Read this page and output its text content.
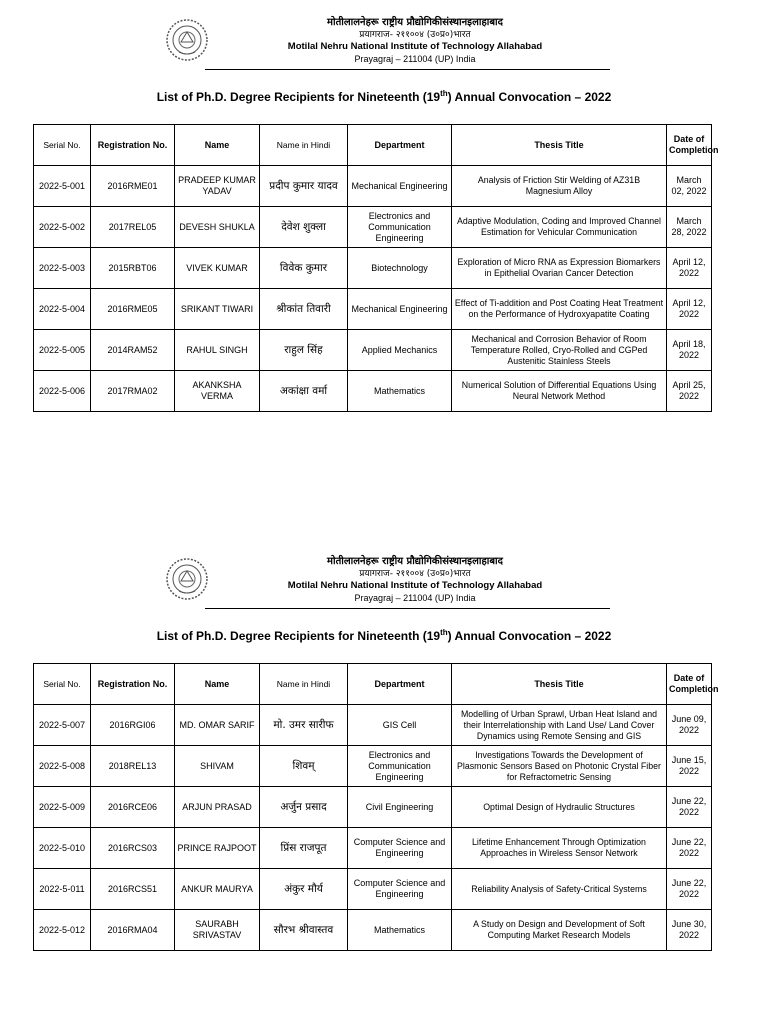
मोतीलालनेहरू राष्ट्रीय प्रौद्योगिकीसंस्थानइलाहाबाद
प्रयागराज- २११००४ (उ०प्र०)भारत
Motilal Nehru National Institute of Technology Allahabad
Prayagraj – 211004 (UP) India
List of Ph.D. Degree Recipients for Nineteenth (19th) Annual Convocation – 2022
Serial No.	Registration No.	Name	Name in Hindi	Department	Thesis Title	Date of Completion
2022-5-001	2016RME01	PRADEEP KUMAR YADAV	प्रदीप कुमार यादव	Mechanical Engineering	Analysis of Friction Stir Welding of AZ31B Magnesium Alloy	March 02, 2022
2022-5-002	2017REL05	DEVESH SHUKLA	देवेश शुक्ला	Electronics and Communication Engineering	Adaptive Modulation, Coding and Improved Channel Estimation for Vehicular Communication	March 28, 2022
2022-5-003	2015RBT06	VIVEK KUMAR	विवेक कुमार	Biotechnology	Exploration of Micro RNA as Expression Biomarkers in Epithelial Ovarian Cancer Detection	April 12, 2022
2022-5-004	2016RME05	SRIKANT TIWARI	श्रीकांत तिवारी	Mechanical Engineering	Effect of Ti-addition and Post Coating Heat Treatment on the Performance of Hydroxyapatite Coating	April 12, 2022
2022-5-005	2014RAM52	RAHUL SINGH	राहुल सिंह	Applied Mechanics	Mechanical and Corrosion Behavior of Room Temperature Rolled, Cryo-Rolled and CGPed Austenitic Stainless Steels	April 18, 2022
2022-5-006	2017RMA02	AKANKSHA VERMA	अकांक्षा वर्मा	Mathematics	Numerical Solution of Differential Equations Using Neural Network Method	April 25, 2022
मोतीलालनेहरू राष्ट्रीय प्रौद्योगिकीसंस्थानइलाहाबाद
प्रयागराज- २११००४ (उ०प्र०)भारत
Motilal Nehru National Institute of Technology Allahabad
Prayagraj – 211004 (UP) India
List of Ph.D. Degree Recipients for Nineteenth (19th) Annual Convocation – 2022
Serial No.	Registration No.	Name	Name in Hindi	Department	Thesis Title	Date of Completion
2022-5-007	2016RGI06	MD. OMAR SARIF	मो. उमर सारीफ	GIS Cell	Modelling of Urban Sprawl, Urban Heat Island and their Interrelationship with Land Use/ Land Cover Dynamics using Remote Sensing and GIS	June 09, 2022
2022-5-008	2018REL13	SHIVAM	शिवम्	Electronics and Communication Engineering	Investigations Towards the Development of Plasmonic Sensors Based on Photonic Crystal Fiber for Refractometric Sensing	June 15, 2022
2022-5-009	2016RCE06	ARJUN PRASAD	अर्जुन प्रसाद	Civil Engineering	Optimal Design of Hydraulic Structures	June 22, 2022
2022-5-010	2016RCS03	PRINCE RAJPOOT	प्रिंस राजपूत	Computer Science and Engineering	Lifetime Enhancement Through Optimization Approaches in Wireless Sensor Network	June 22, 2022
2022-5-011	2016RCS51	ANKUR MAURYA	अंकुर मौर्य	Computer Science and Engineering	Reliability Analysis of Safety-Critical Systems	June 22, 2022
2022-5-012	2016RMA04	SAURABH SRIVASTAV	सौरभ श्रीवास्तव	Mathematics	A Study on Design and Development of Soft Computing Market Research Models	June 30, 2022
